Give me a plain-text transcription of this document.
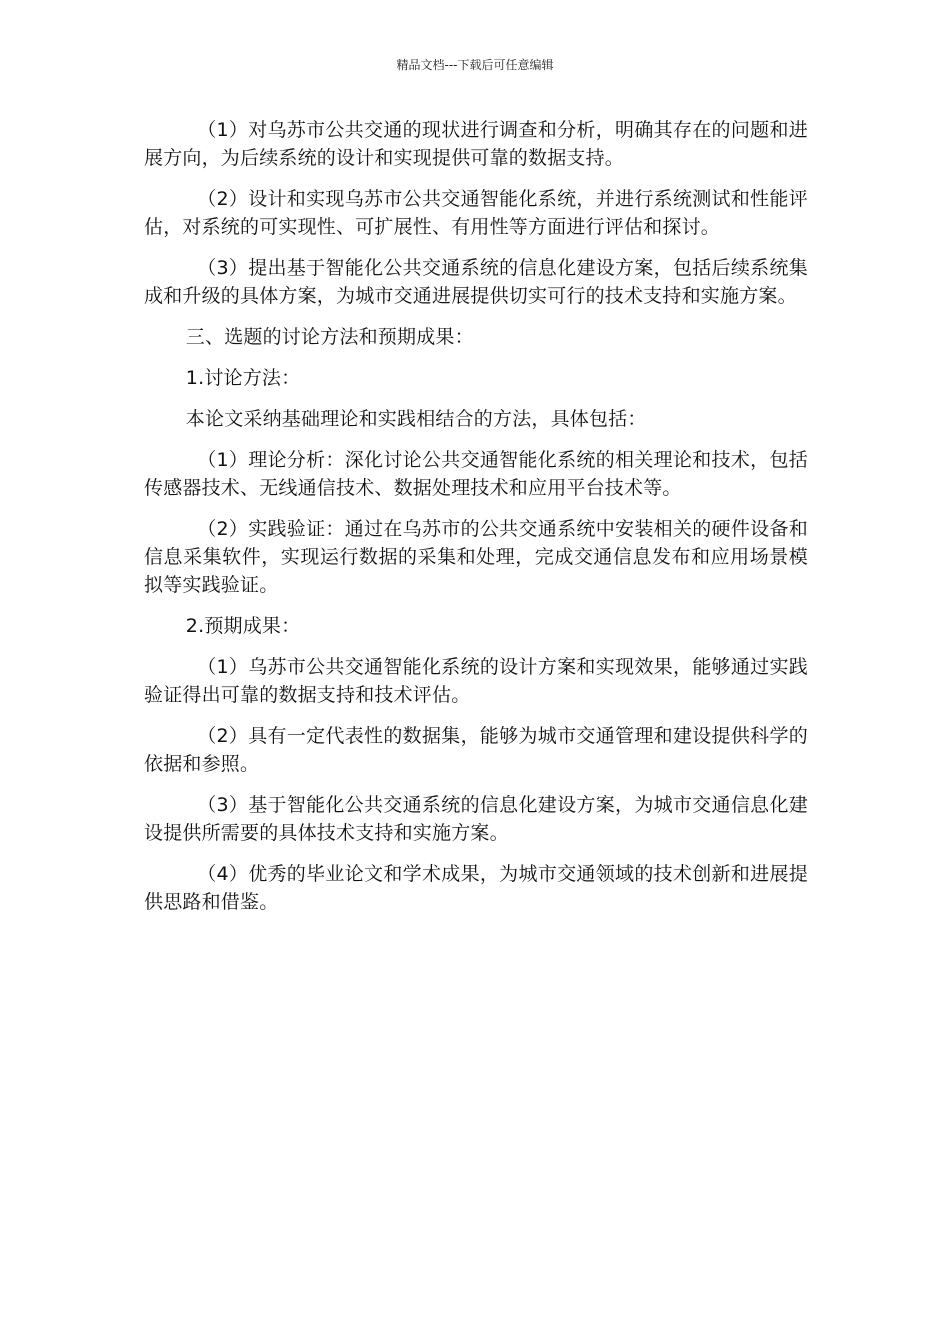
精品文档---下载后可任意编辑

（1）对乌苏市公共交通的现状进行调查和分析，明确其存在的问题和进展方向，为后续系统的设计和实现提供可靠的数据支持。

（2）设计和实现乌苏市公共交通智能化系统，并进行系统测试和性能评估，对系统的可实现性、可扩展性、有用性等方面进行评估和探讨。

（3）提出基于智能化公共交通系统的信息化建设方案，包括后续系统集成和升级的具体方案，为城市交通进展提供切实可行的技术支持和实施方案。

三、选题的讨论方法和预期成果：

1.讨论方法：

本论文采纳基础理论和实践相结合的方法，具体包括：

（1）理论分析：深化讨论公共交通智能化系统的相关理论和技术，包括传感器技术、无线通信技术、数据处理技术和应用平台技术等。

（2）实践验证：通过在乌苏市的公共交通系统中安装相关的硬件设备和信息采集软件，实现运行数据的采集和处理，完成交通信息发布和应用场景模拟等实践验证。

2.预期成果：

（1）乌苏市公共交通智能化系统的设计方案和实现效果，能够通过实践验证得出可靠的数据支持和技术评估。

（2）具有一定代表性的数据集，能够为城市交通管理和建设提供科学的依据和参照。

（3）基于智能化公共交通系统的信息化建设方案，为城市交通信息化建设提供所需要的具体技术支持和实施方案。

（4）优秀的毕业论文和学术成果，为城市交通领域的技术创新和进展提供思路和借鉴。
